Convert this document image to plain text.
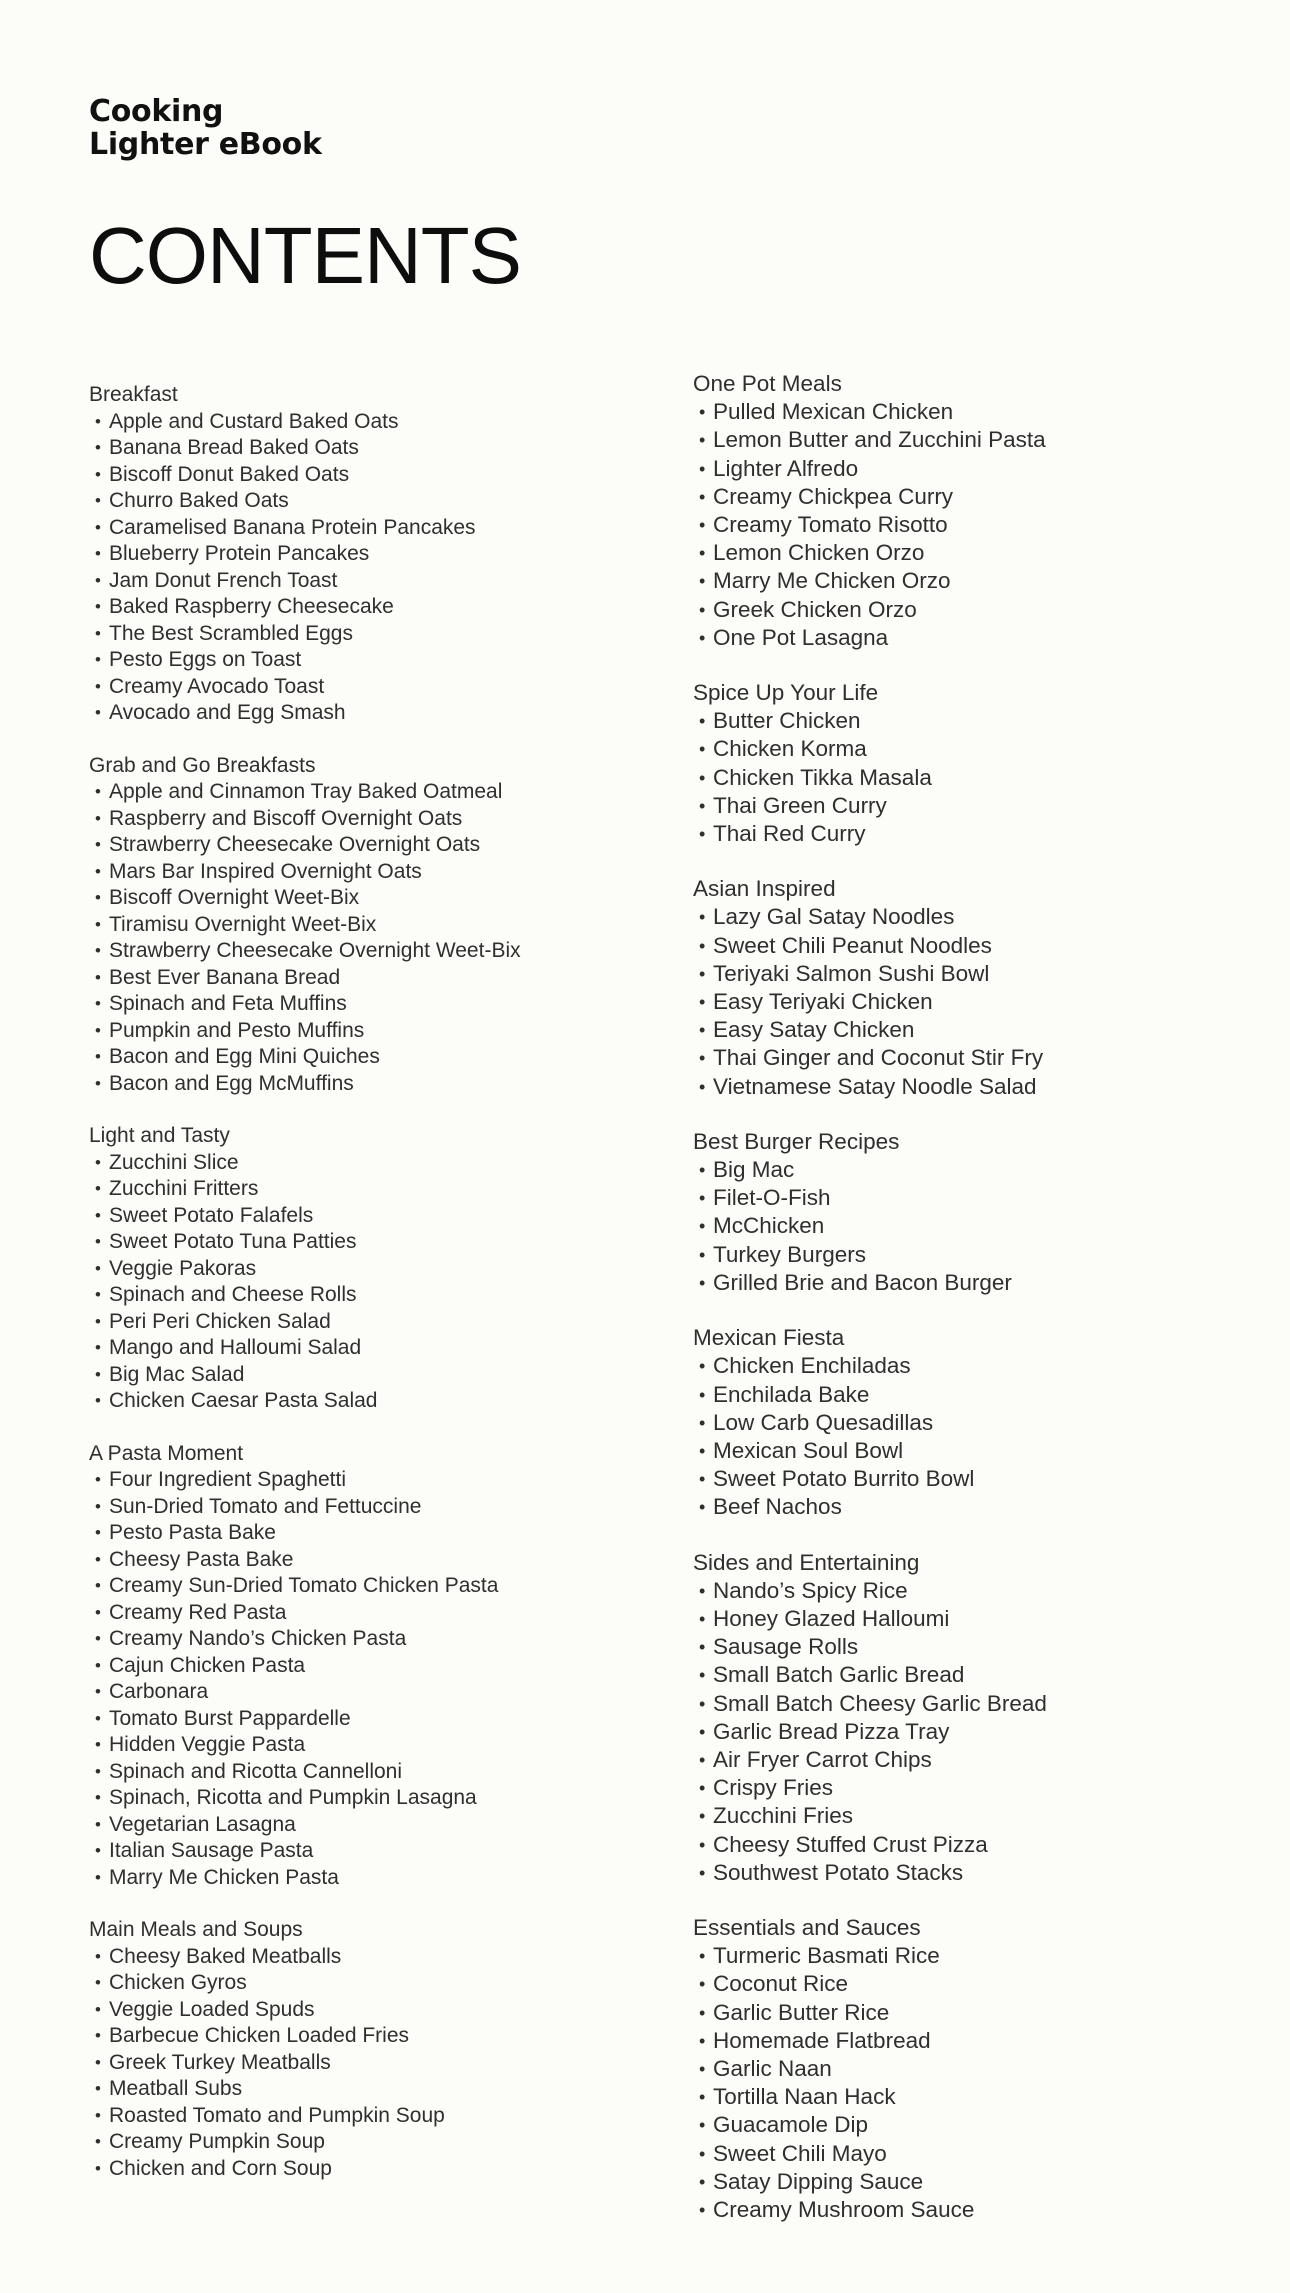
Cooking
Lighter eBook
CONTENTS
Breakfast
• Apple and Custard Baked Oats
• Banana Bread Baked Oats
• Biscoff Donut Baked Oats
• Churro Baked Oats
• Caramelised Banana Protein Pancakes
• Blueberry Protein Pancakes
• Jam Donut French Toast
• Baked Raspberry Cheesecake
• The Best Scrambled Eggs
• Pesto Eggs on Toast
• Creamy Avocado Toast
• Avocado and Egg Smash
Grab and Go Breakfasts
• Apple and Cinnamon Tray Baked Oatmeal
• Raspberry and Biscoff Overnight Oats
• Strawberry Cheesecake Overnight Oats
• Mars Bar Inspired Overnight Oats
• Biscoff Overnight Weet-Bix
• Tiramisu Overnight Weet-Bix
• Strawberry Cheesecake Overnight Weet-Bix
• Best Ever Banana Bread
• Spinach and Feta Muffins
• Pumpkin and Pesto Muffins
• Bacon and Egg Mini Quiches
• Bacon and Egg McMuffins
Light and Tasty
• Zucchini Slice
• Zucchini Fritters
• Sweet Potato Falafels
• Sweet Potato Tuna Patties
• Veggie Pakoras
• Spinach and Cheese Rolls
• Peri Peri Chicken Salad
• Mango and Halloumi Salad
• Big Mac Salad
• Chicken Caesar Pasta Salad
A Pasta Moment
• Four Ingredient Spaghetti
• Sun-Dried Tomato and Fettuccine
• Pesto Pasta Bake
• Cheesy Pasta Bake
• Creamy Sun-Dried Tomato Chicken Pasta
• Creamy Red Pasta
• Creamy Nando’s Chicken Pasta
• Cajun Chicken Pasta
• Carbonara
• Tomato Burst Pappardelle
• Hidden Veggie Pasta
• Spinach and Ricotta Cannelloni
• Spinach, Ricotta and Pumpkin Lasagna
• Vegetarian Lasagna
• Italian Sausage Pasta
• Marry Me Chicken Pasta
Main Meals and Soups
• Cheesy Baked Meatballs
• Chicken Gyros
• Veggie Loaded Spuds
• Barbecue Chicken Loaded Fries
• Greek Turkey Meatballs
• Meatball Subs
• Roasted Tomato and Pumpkin Soup
• Creamy Pumpkin Soup
• Chicken and Corn Soup
One Pot Meals
• Pulled Mexican Chicken
• Lemon Butter and Zucchini Pasta
• Lighter Alfredo
• Creamy Chickpea Curry
• Creamy Tomato Risotto
• Lemon Chicken Orzo
• Marry Me Chicken Orzo
• Greek Chicken Orzo
• One Pot Lasagna
Spice Up Your Life
• Butter Chicken
• Chicken Korma
• Chicken Tikka Masala
• Thai Green Curry
• Thai Red Curry
Asian Inspired
• Lazy Gal Satay Noodles
• Sweet Chili Peanut Noodles
• Teriyaki Salmon Sushi Bowl
• Easy Teriyaki Chicken
• Easy Satay Chicken
• Thai Ginger and Coconut Stir Fry
• Vietnamese Satay Noodle Salad
Best Burger Recipes
• Big Mac
• Filet-O-Fish
• McChicken
• Turkey Burgers
• Grilled Brie and Bacon Burger
Mexican Fiesta
• Chicken Enchiladas
• Enchilada Bake
• Low Carb Quesadillas
• Mexican Soul Bowl
• Sweet Potato Burrito Bowl
• Beef Nachos
Sides and Entertaining
• Nando’s Spicy Rice
• Honey Glazed Halloumi
• Sausage Rolls
• Small Batch Garlic Bread
• Small Batch Cheesy Garlic Bread
• Garlic Bread Pizza Tray
• Air Fryer Carrot Chips
• Crispy Fries
• Zucchini Fries
• Cheesy Stuffed Crust Pizza
• Southwest Potato Stacks
Essentials and Sauces
• Turmeric Basmati Rice
• Coconut Rice
• Garlic Butter Rice
• Homemade Flatbread
• Garlic Naan
• Tortilla Naan Hack
• Guacamole Dip
• Sweet Chili Mayo
• Satay Dipping Sauce
• Creamy Mushroom Sauce
